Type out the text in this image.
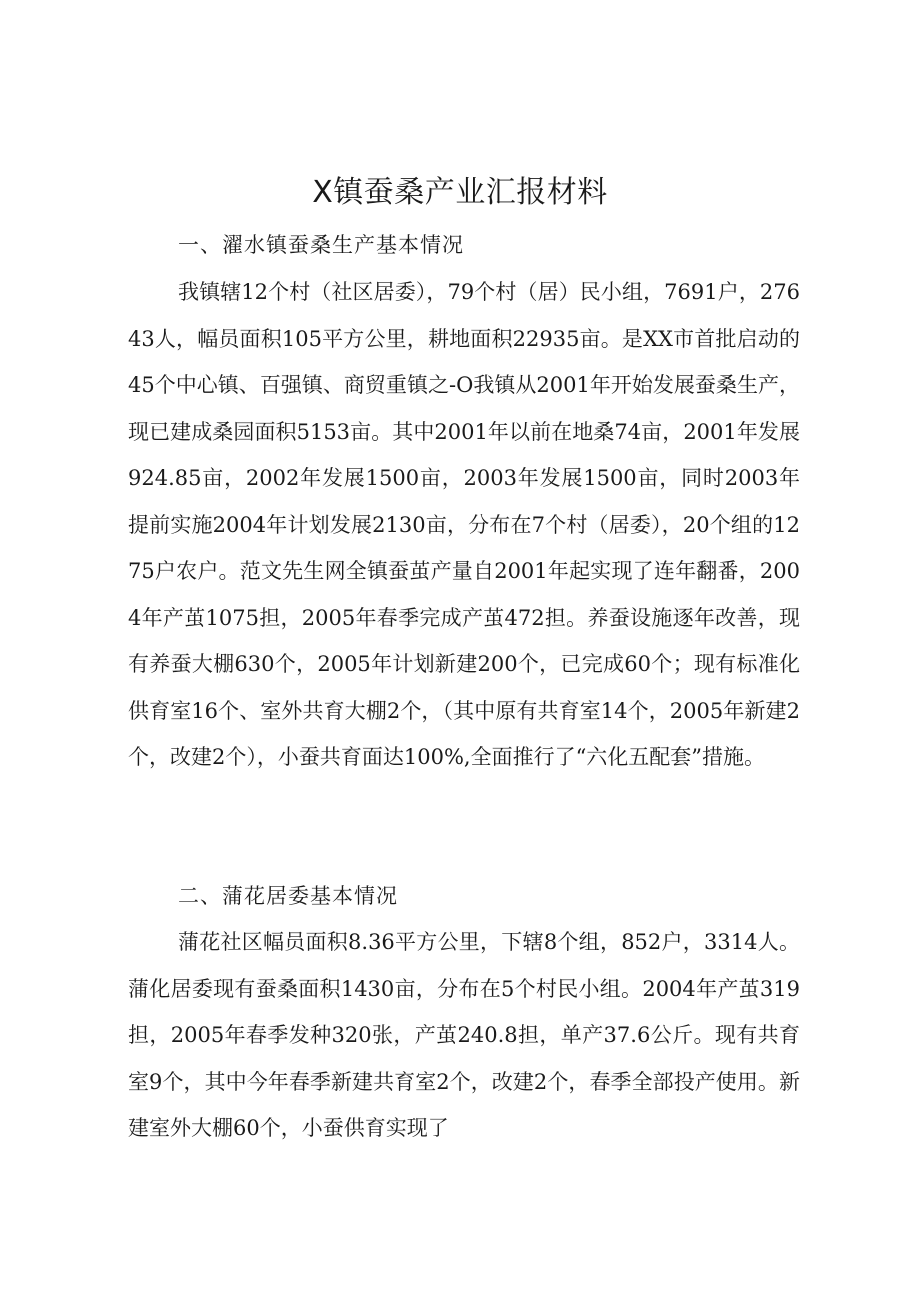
X镇蚕桑产业汇报材料
一、濯水镇蚕桑生产基本情况

我镇辖12个村（社区居委），79个村（居）民小组，7691户，27643人，幅员面积105平方公里，耕地面积22935亩。是XX市首批启动的45个中心镇、百强镇、商贸重镇之-O我镇从2001年开始发展蚕桑生产，现已建成桑园面积5153亩。其中2001年以前在地桑74亩，2001年发展924.85亩，2002年发展1500亩，2003年发展1500亩，同时2003年提前实施2004年计划发展2130亩，分布在7个村（居委），20个组的1275户农户。范文先生网全镇蚕茧产量自2001年起实现了连年翻番，2004年产茧1075担，2005年春季完成产茧472担。养蚕设施逐年改善，现有养蚕大棚630个，2005年计划新建200个，已完成60个；现有标准化供育室16个、室外共育大棚2个，（其中原有共育室14个，2005年新建2个，改建2个），小蚕共育面达100%,全面推行了“六化五配套”措施。

二、蒲花居委基本情况

蒲花社区幅员面积8.36平方公里，下辖8个组，852户，3314人。蒲化居委现有蚕桑面积1430亩，分布在5个村民小组。2004年产茧319担，2005年春季发种320张，产茧240.8担，单产37.6公斤。现有共育室9个，其中今年春季新建共育室2个，改建2个，春季全部投产使用。新建室外大棚60个，小蚕供育实现了
